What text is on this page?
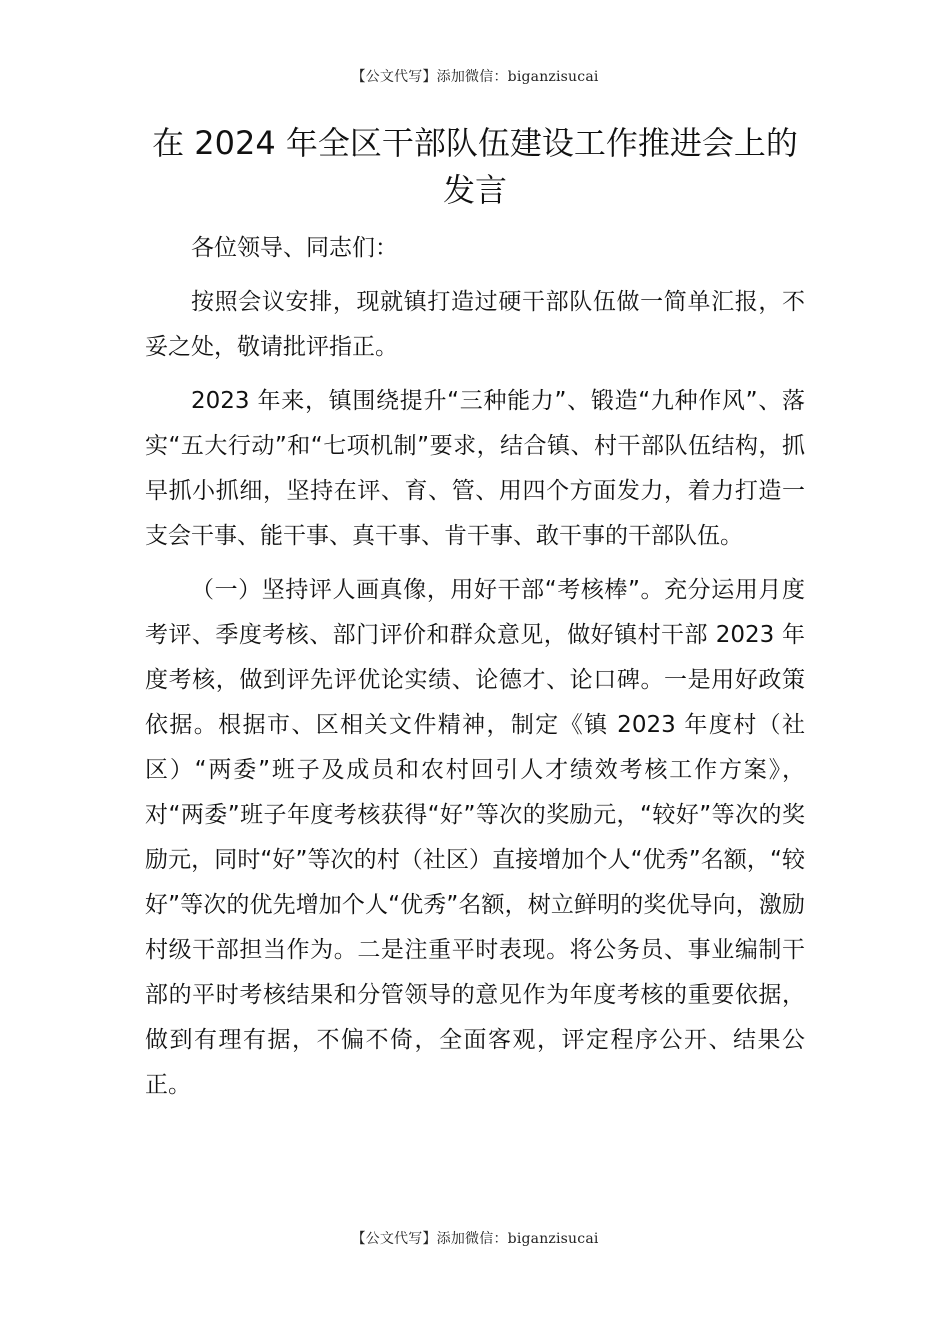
【公文代写】添加微信：biganzisucai
在 2024 年全区干部队伍建设工作推进会上的发言

各位领导、同志们：

按照会议安排，现就镇打造过硬干部队伍做一简单汇报，不妥之处，敬请批评指正。

2023 年来，镇围绕提升“三种能力”、锻造“九种作风”、落实“五大行动”和“七项机制”要求，结合镇、村干部队伍结构，抓早抓小抓细，坚持在评、育、管、用四个方面发力，着力打造一支会干事、能干事、真干事、肯干事、敢干事的干部队伍。

（一）坚持评人画真像，用好干部“考核棒”。充分运用月度考评、季度考核、部门评价和群众意见，做好镇村干部 2023 年度考核，做到评先评优论实绩、论德才、论口碑。一是用好政策依据。根据市、区相关文件精神，制定《镇 2023 年度村（社区）“两委”班子及成员和农村回引人才绩效考核工作方案》，对“两委”班子年度考核获得“好”等次的奖励元，“较好”等次的奖励元，同时“好”等次的村（社区）直接增加个人“优秀”名额，“较好”等次的优先增加个人“优秀”名额，树立鲜明的奖优导向，激励村级干部担当作为。二是注重平时表现。将公务员、事业编制干部的平时考核结果和分管领导的意见作为年度考核的重要依据，做到有理有据，不偏不倚，全面客观，评定程序公开、结果公正。

【公文代写】添加微信：biganzisucai
